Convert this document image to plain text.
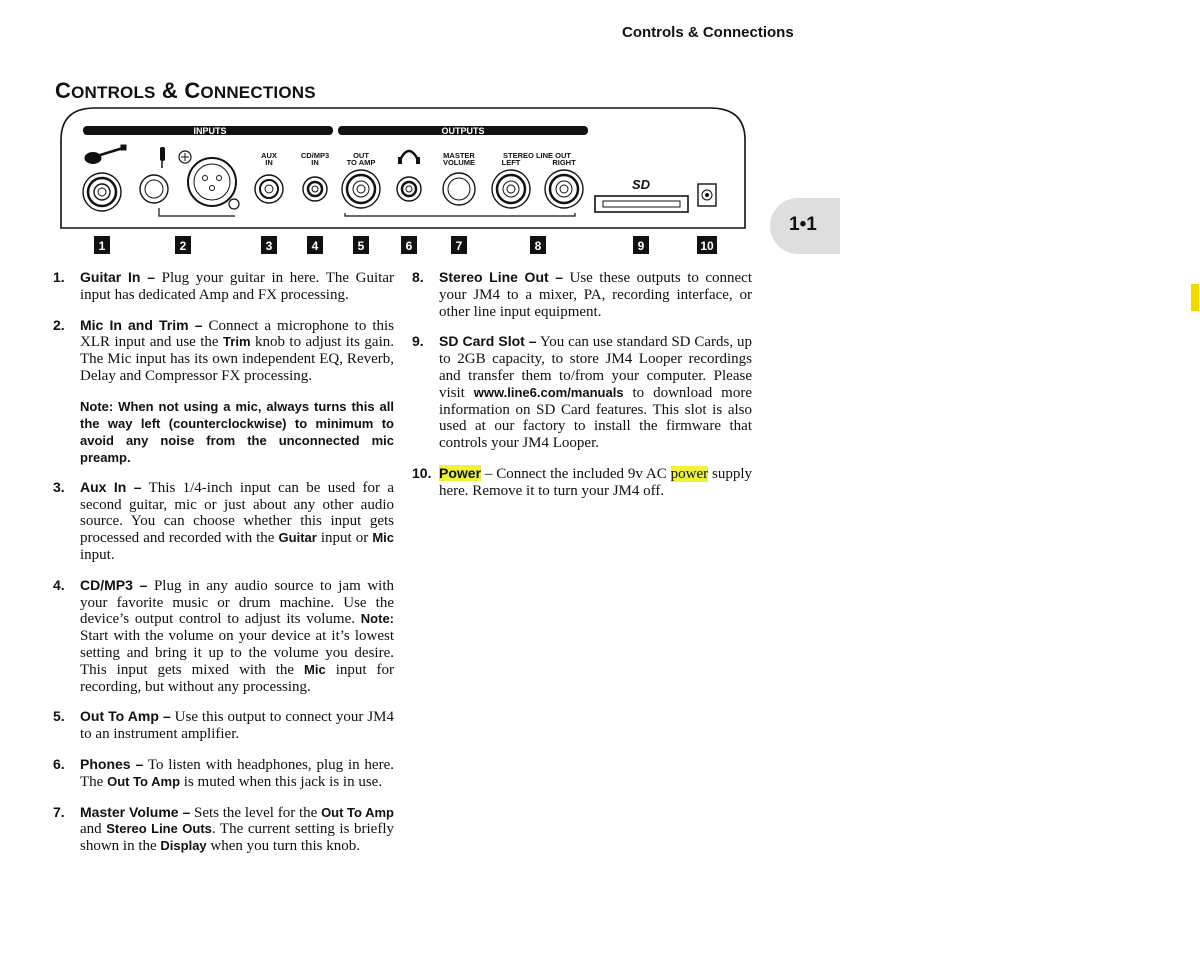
Controls & Connections
CONTROLS & CONNECTIONS
1•1
INPUTS	OUTPUTS
AUX
IN
CD/MP3
IN
OUT
TO AMP
MASTER
VOLUME
STEREO LINE OUT
LEFT	RIGHT
SD
1	2	3	4	5	6	7	8	9	10
1. Guitar In – Plug your guitar in here. The Guitar input has dedicated Amp and FX processing.
2. Mic In and Trim – Connect a microphone to this XLR input and use the Trim knob to adjust its gain. The Mic input has its own independent EQ, Reverb, Delay and Compressor FX processing.
Note: When not using a mic, always turns this all the way left (counterclockwise) to minimum to avoid any noise from the unconnected mic preamp.
3. Aux In – This 1/4-inch input can be used for a second guitar, mic or just about any other audio source. You can choose whether this input gets processed and recorded with the Guitar input or Mic input.
4. CD/MP3 – Plug in any audio source to jam with your favorite music or drum machine. Use the device’s output control to adjust its volume. Note: Start with the volume on your device at it’s lowest setting and bring it up to the volume you desire. This input gets mixed with the Mic input for recording, but without any processing.
5. Out To Amp – Use this output to connect your JM4 to an instrument amplifier.
6. Phones – To listen with headphones, plug in here. The Out To Amp is muted when this jack is in use.
7. Master Volume – Sets the level for the Out To Amp and Stereo Line Outs. The current setting is briefly shown in the Display when you turn this knob.
8. Stereo Line Out – Use these outputs to connect your JM4 to a mixer, PA, recording interface, or other line input equipment.
9. SD Card Slot – You can use standard SD Cards, up to 2GB capacity, to store JM4 Looper recordings and transfer them to/from your computer. Please visit www.line6.com/manuals to download more information on SD Card features. This slot is also used at our factory to install the firmware that controls your JM4 Looper.
10. Power – Connect the included 9v AC power supply here. Remove it to turn your JM4 off.
